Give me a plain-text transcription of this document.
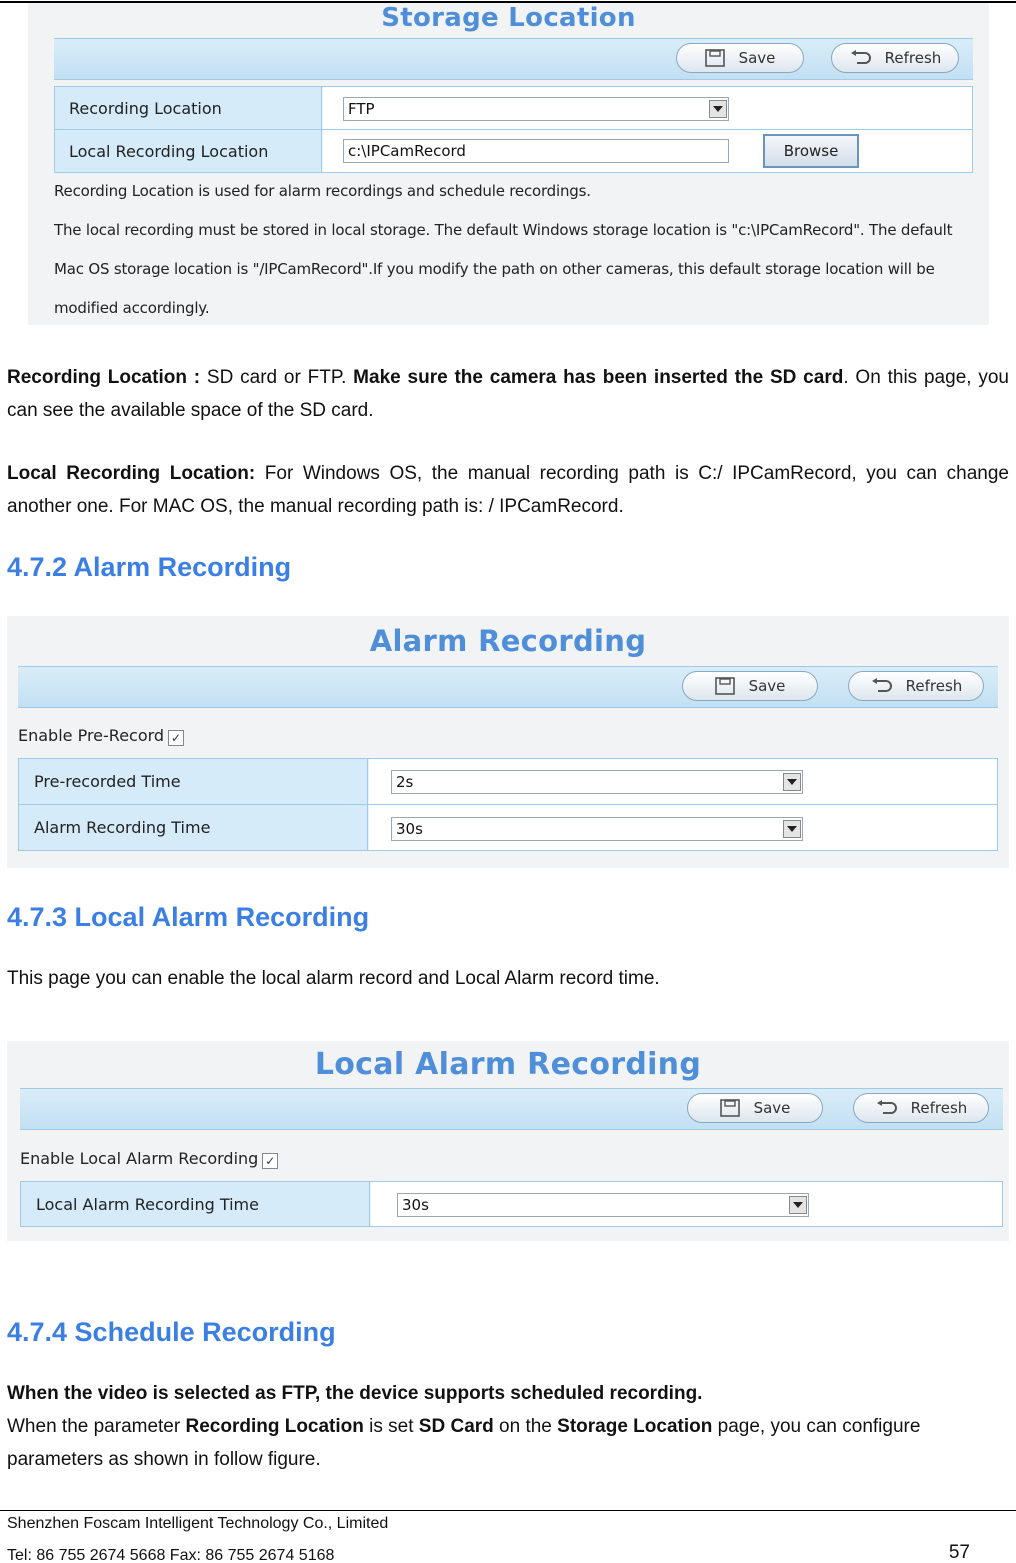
Storage Location
Save	Refresh
Recording Location	FTP
Local Recording Location	c:\IPCamRecord	Browse
Recording Location is used for alarm recordings and schedule recordings.
The local recording must be stored in local storage. The default Windows storage location is "c:\IPCamRecord". The default
Mac OS storage location is "/IPCamRecord".If you modify the path on other cameras, this default storage location will be
modified accordingly.
Recording Location : SD card or FTP. Make sure the camera has been inserted the SD card. On this page, you can see the available space of the SD card.
Local Recording Location: For Windows OS, the manual recording path is C:/ IPCamRecord, you can change another one. For MAC OS, the manual recording path is: / IPCamRecord.
4.7.2 Alarm Recording
Alarm Recording
Save	Refresh
Enable Pre-Record ✓
Pre-recorded Time	2s
Alarm Recording Time	30s
4.7.3 Local Alarm Recording
This page you can enable the local alarm record and Local Alarm record time.
Local Alarm Recording
Save	Refresh
Enable Local Alarm Recording ✓
Local Alarm Recording Time	30s
4.7.4 Schedule Recording
When the video is selected as FTP, the device supports scheduled recording.
When the parameter Recording Location is set SD Card on the Storage Location page, you can configure parameters as shown in follow figure.
Shenzhen Foscam Intelligent Technology Co., Limited
Tel: 86 755 2674 5668 Fax: 86 755 2674 5168	57
